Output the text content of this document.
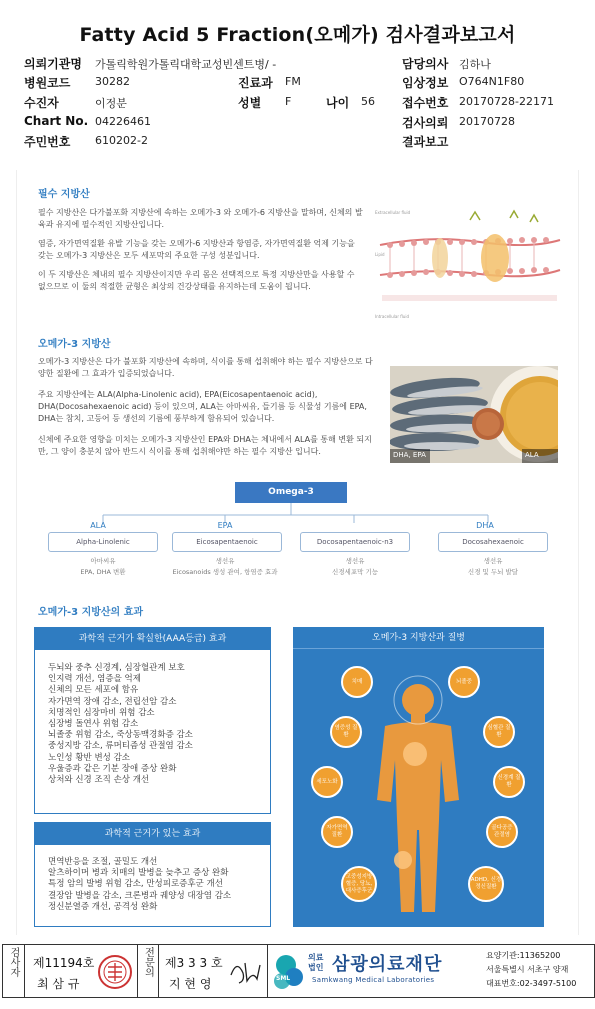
Fatty Acid 5 Fraction(오메가) 검사결과보고서
의뢰기관명 가톨릭학원가톨릭대학교성빈센트병/ -	담당의사 김하나
병원코드 30282	진료과 FM	임상정보 O764N1F80
수진자	이정분	성별 F	나이 56 접수번호 20170728-22171
Chart No. 04226461	검사의뢰 20170728
주민번호 610202-2	결과보고
필수 지방산
필수 지방산은 다가불포화 지방산에 속하는 오메가-3 와 오메가-6 지방산을 말하며, 신체의 발육과 유지에 필수적인 지방산입니다.
염증, 자가면역질환 유발 기능을 갖는 오메가-6 지방산과 항염증, 자가면역질환 억제 기능을 갖는 오메가-3 지방산은 모두 세포막의 주요한 구성 성분입니다.
이 두 지방산은 체내의 필수 지방산이지만 우리 몸은 선택적으로 특정 지방산만을 사용할 수 없으므로 이 둘의 적절한 균형은 최상의 건강상태를 유지하는데 도움이 됩니다.
Extracellular fluid
Lipid
Intracellular fluid
오메가-3 지방산
오메가-3 지방산은 다가 불포화 지방산에 속하며, 식이를 통해 섭취해야 하는 필수 지방산으로 다양한 질환에 그 효과가 입증되었습니다.
주요 지방산에는 ALA(Alpha-Linolenic acid), EPA(Eicosapentaenoic acid), DHA(Docosahexaenoic acid) 등이 있으며, ALA는 아마씨유, 들기름 등 식물성 기름에 EPA, DHA는 참치, 고등어 등 생선의 기름에 풍부하게 함유되어 있습니다.
신체에 주요한 영향을 미치는 오메가-3 지방산인 EPA와 DHA는 체내에서 ALA를 통해 변환 되지만, 그 양이 충분치 않아 반드시 식이를 통해 섭취해야만 하는 필수 지방산 입니다.	DHA, EPA	ALA
Omega-3
ALA
Alpha-Linolenic
아마씨유
EPA, DHA 변환
EPA
Eicosapentaenoic
생선유
Eicosanoids 생성 관여, 항염증 효과
Docosapentaenoic-n3
생선유
신경세포막 기능
DHA
Docosahexaenoic
생선유
신경 및 두뇌 발달
오메가-3 지방산의 효과
과학적 근거가 확실한(AAA등급) 효과
두뇌와 중추 신경계, 심장혈관계 보호
인지력 개선, 염증을 억제
신체의 모든 세포에 함유
자가면역 장애 감소, 전립선암 감소
치명적인 심장마비 위험 감소
심장병 돌연사 위험 감소
뇌졸중 위험 감소, 죽상동맥경화증 감소
중성지방 감소, 류머티즘성 관절염 감소
노인성 황반 변성 감소
우울증과 같은 기분 장애 증상 완화
상처와 신경 조직 손상 개선
과학적 근거가 있는 효과
면역반응을 조절, 골밀도 개선
알츠하이머 병과 치매의 발병을 늦추고 증상 완화
특정 암의 발병 위험 감소, 만성피로증후군 개선
결장암 발병을 감소, 크론병과 궤양성 대장염 감소
정신분열증 개선, 공격성 완화
오메가-3 지방산과 질병
치매	뇌졸중
염증성 질환
심혈관 질환
세포노화
신경계 질환
자가면역 질환
골다공증 관절염
고중성지방 혈증, 당뇨, 대사증후군
ADHD, 신경정신질환
검사자	제11194호
최 삼 규
전문의 제3 3 3 호
지 현 영	SML
의료법인 삼광의료재단
Samkwang Medical Laboratories
요양기관:11365200
서울특별시 서초구 양재
대표번호:02-3497-5100
